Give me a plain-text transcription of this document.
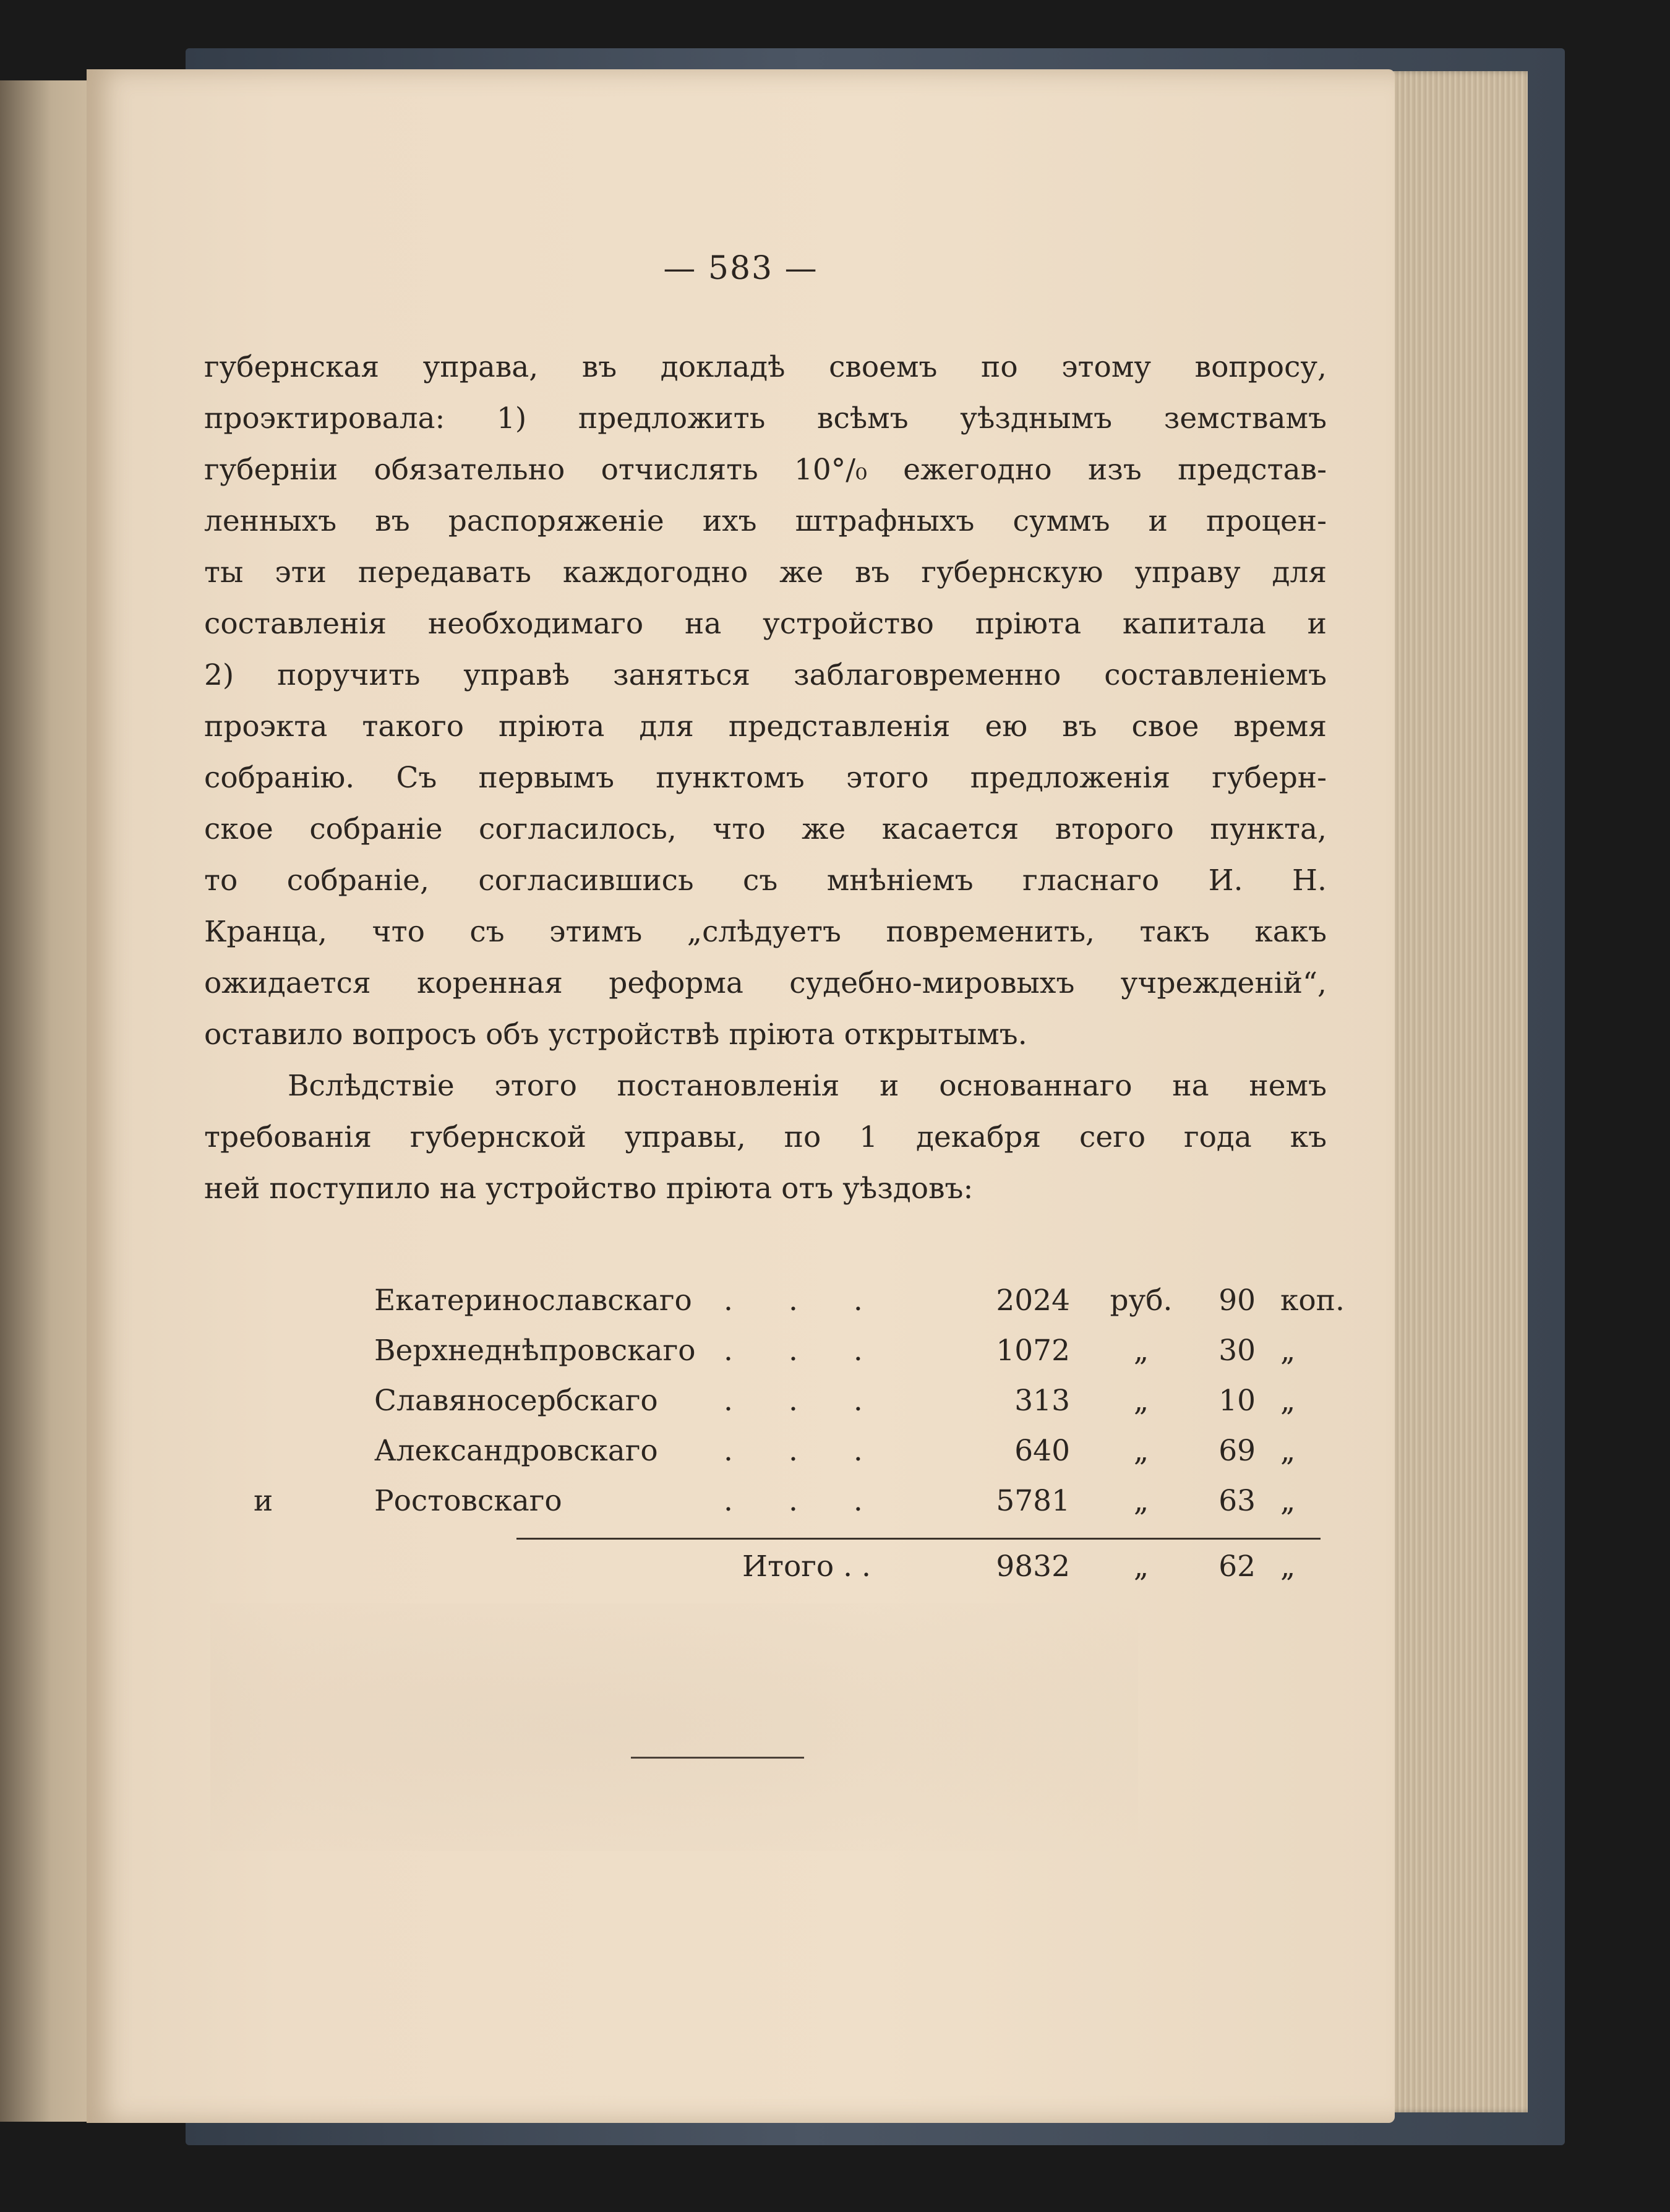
— 583 —
губернская управа, въ докладѣ своемъ по этому вопросу,
проэктировала: 1) предложить всѣмъ уѣзднымъ земствамъ
губерніи обязательно отчислять 10°/₀ ежегодно изъ представ-
ленныхъ въ распоряженіе ихъ штрафныхъ суммъ и процен-
ты эти передавать каждогодно же въ губернскую управу для
составленія необходимаго на устройство пріюта капитала и
2) поручить управѣ заняться заблаговременно составленіемъ
проэкта такого пріюта для представленія ею въ свое время
собранію. Съ первымъ пунктомъ этого предложенія губерн-
ское собраніе согласилось, что же касается второго пункта,
то собраніе, согласившись съ мнѣніемъ гласнаго И. Н.
Кранца, что съ этимъ „слѣдуетъ повременить, такъ какъ
ожидается коренная реформа судебно-мировыхъ учрежденій“,
оставило вопросъ объ устройствѣ пріюта открытымъ.
Вслѣдствіе этого постановленія и основаннаго на немъ
требованія губернской управы, по 1 декабря сего года къ
ней поступило на устройство пріюта отъ уѣздовъ:
Екатеринославскаго ...	2024	руб.	90 коп.
Верхнеднѣпровскаго ...	1072	„	30 „
Славяносербскаго ...	313	„	10 „
Александровскаго ...	640	„	69 „
и	Ростовскаго	...	5781	„	63 „
Итого . .	9832	„	62 „
